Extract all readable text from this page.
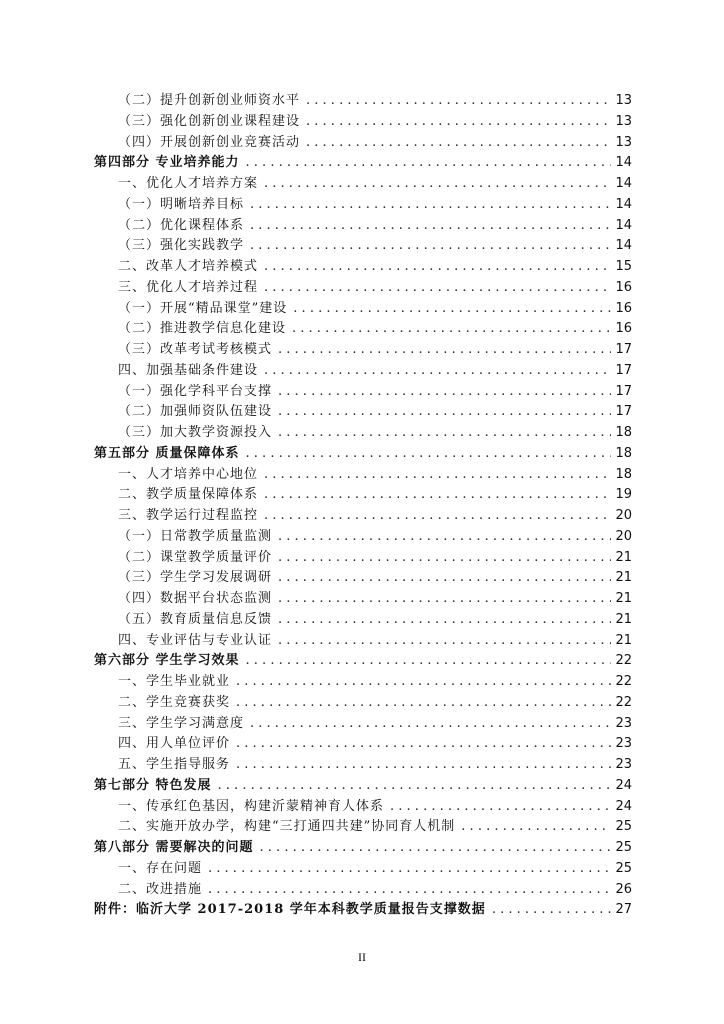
（二）提升创新创业师资水平 . . .	13
（三）强化创新创业课程建设 . . .	13
（四）开展创新创业竞赛活动 . . .	13
第四部分 专业培养能力 . . .	14
一、优化人才培养方案 . . .	14
（一）明晰培养目标 . . .	14
（二）优化课程体系 . . .	14
（三）强化实践教学 . . .	14
二、改革人才培养模式 . . .	15
三、优化人才培养过程 . . .	16
（一）开展“精品课堂”建设 . . .	16
（二）推进教学信息化建设 . . .	16
（三）改革考试考核模式 . . .	17
四、加强基础条件建设 . . .	17
（一）强化学科平台支撑 . . .	17
（二）加强师资队伍建设 . . .	17
（三）加大教学资源投入 . . .	18
第五部分 质量保障体系 . . .	18
一、人才培养中心地位 . . .	18
二、教学质量保障体系 . . .	19
三、教学运行过程监控 . . .	20
（一）日常教学质量监测 . . .	20
（二）课堂教学质量评价 . . .	21
（三）学生学习发展调研 . . .	21
（四）数据平台状态监测 . . .	21
（五）教育质量信息反馈 . . .	21
四、专业评估与专业认证 . . .	21
第六部分 学生学习效果 . . .	22
一、学生毕业就业 . . .	22
二、学生竞赛获奖 . . .	22
三、学生学习满意度 . . .	23
四、用人单位评价 . . .	23
五、学生指导服务 . . .	23
第七部分 特色发展 . . .	24
一、传承红色基因，构建沂蒙精神育人体系 . . .	24
二、实施开放办学，构建“三打通四共建”协同育人机制 . . .	25
第八部分 需要解决的问题 . . .	25
一、存在问题 . . .	25
二、改进措施 . . .	26
附件：临沂大学 2017-2018 学年本科教学质量报告支撑数据 . . .	27
II
